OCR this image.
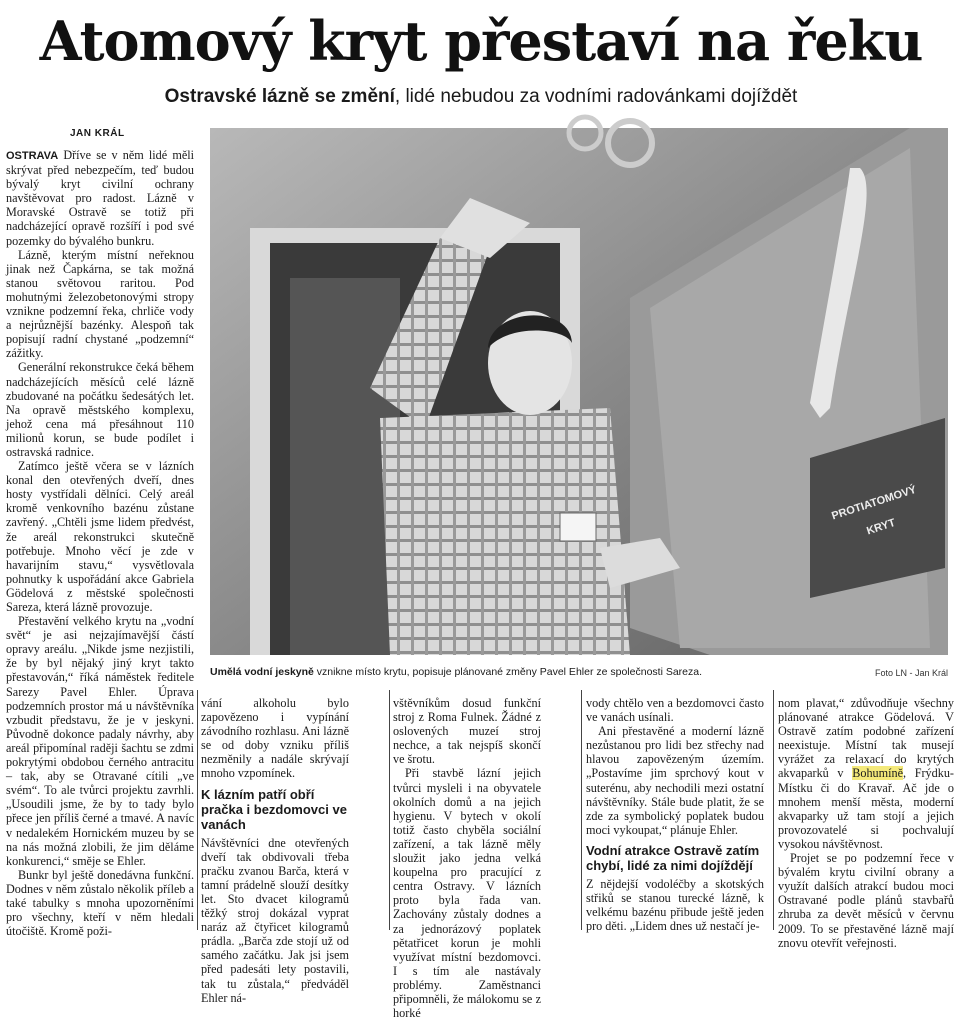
Atomový kryt přestaví na řeku
Ostravské lázně se změní, lidé nebudou za vodními radovánkami dojíždět
JAN KRÁL

OSTRAVA Dříve se v něm lidé měli skrývat před nebezpečím, teď budou bývalý kryt civilní ochrany navštěvovat pro radost. Lázně v Moravské Ostravě se totiž při nadcházející opravě rozšíří i pod své pozemky do bývalého bunkru.

Lázně, kterým místní neřeknou jinak než Čapkárna, se tak možná stanou světovou raritou. Pod mohutnými železobetonovými stropy vznikne podzemní řeka, chrliče vody a nejrůznější bazénky. Alespoň tak popisují radní chystané „podzemní“ zážitky.

Generální rekonstrukce čeká během nadcházejících měsíců celé lázně zbudované na počátku šedesátých let. Na opravě městského komplexu, jehož cena má přesáhnout 110 milionů korun, se bude podílet i ostravská radnice.

Zatímco ještě včera se v lázních konal den otevřených dveří, dnes hosty vystřídali dělníci. Celý areál kromě venkovního bazénu zůstane zavřený. „Chtěli jsme lidem předvést, že areál rekonstrukci skutečně potřebuje. Mnoho věcí je zde v havarijním stavu,“ vysvětlovala pohnutky k uspořádání akce Gabriela Gödelová z městské společnosti Sareza, která lázně provozuje.

Přestavění velkého krytu na „vodní svět“ je asi nejzajímavější částí opravy areálu. „Nikde jsme nezjistili, že by byl nějaký jiný kryt takto přestavován,“ říká náměstek ředitele Sarezy Pavel Ehler. Úprava podzemních prostor má u návštěvníka vzbudit představu, že je v jeskyni. Původně dokonce padaly návrhy, aby areál připomínal raději šachtu se zdmi pokrytými obdobou černého antracitu – tak, aby se Otravané cítili „ve svém“. To ale tvůrci projektu zavrhli. „Usoudili jsme, že by to tady bylo přece jen příliš černé a tmavé. A navíc v nedalekém Hornickém muzeu by se na nás možná zlobili, že jim děláme konkurenci,“ směje se Ehler.

Bunkr byl ještě donedávna funkční. Dodnes v něm zůstalo několik příleb a také tabulky s mnoha upozorněními pro všechny, kteří v něm hledali útočiště. Kromě poži-

PROTIATOMOVÝ
KRYT
Umělá vodní jeskyně vznikne místo krytu, popisuje plánované změny Pavel Ehler ze společnosti Sareza.	Foto LN - Jan Král

vání alkoholu bylo zapovězeno i vypínání závodního rozhlasu. Ani lázně se od doby vzniku příliš nezměnily a nadále skrývají mnoho vzpomínek.

K lázním patří obří pračka i bezdomovci ve vanách

Návštěvníci dne otevřených dveří tak obdivovali třeba pračku zvanou Barča, která v tamní prádelně slouží desítky let. Sto dvacet kilogramů těžký stroj dokázal vyprat naráz až čtyřicet kilogramů prádla. „Barča zde stojí už od samého začátku. Jak jsi jsem před padesáti lety postavili, tak tu zůstala,“ předváděl Ehler ná-

vštěvníkům dosud funkční stroj z Roma Fulnek. Žádné z oslovených muzeí stroj nechce, a tak nejspíš skončí ve šrotu.

Při stavbě lázní jejich tvůrci mysleli i na obyvatele okolních domů a na jejich hygienu. V bytech v okolí totiž často chyběla sociální zařízení, a tak lázně měly sloužit jako jedna velká koupelna pro pracující z centra Ostravy. V lázních proto byla řada van. Zachovány zůstaly dodnes a za jednorázový poplatek pětatřicet korun je mohli využívat místní bezdomovci. I s tím ale nastávaly problémy. Zaměstnanci připomněli, že málokomu se z horké

vody chtělo ven a bezdomovci často ve vanách usínali.

Ani přestavěné a moderní lázně nezůstanou pro lidi bez střechy nad hlavou zapovězeným územím. „Postavíme jim sprchový kout v suterénu, aby nechodili mezi ostatní návštěvníky. Stále bude platit, že se zde za symbolický poplatek budou moci vykoupat,“ plánuje Ehler.

Vodní atrakce Ostravě zatím chybí, lidé za nimi dojíždějí

Z nějdejší vodoléčby a skotských střiků se stanou turecké lázně, k velkému bazénu přibude ještě jeden pro děti. „Lidem dnes už nestačí je-

nom plavat,“ zdůvodňuje všechny plánované atrakce Gödelová. V Ostravě zatím podobné zařízení neexistuje. Místní tak musejí vyrážet za relaxací do krytých akvaparků v Bohumíně, Frýdku-Místku či do Kravař. Ač jde o mnohem menší města, moderní akvaparky už tam stojí a jejich provozovatelé si pochvalují vysokou návštěvnost.

Projet se po podzemní řece v bývalém krytu civilní obrany a využít dalších atrakcí budou moci Ostravané podle plánů stavbařů zhruba za devět měsíců v červnu 2009. To se přestavěné lázně mají znovu otevřít veřejnosti.
